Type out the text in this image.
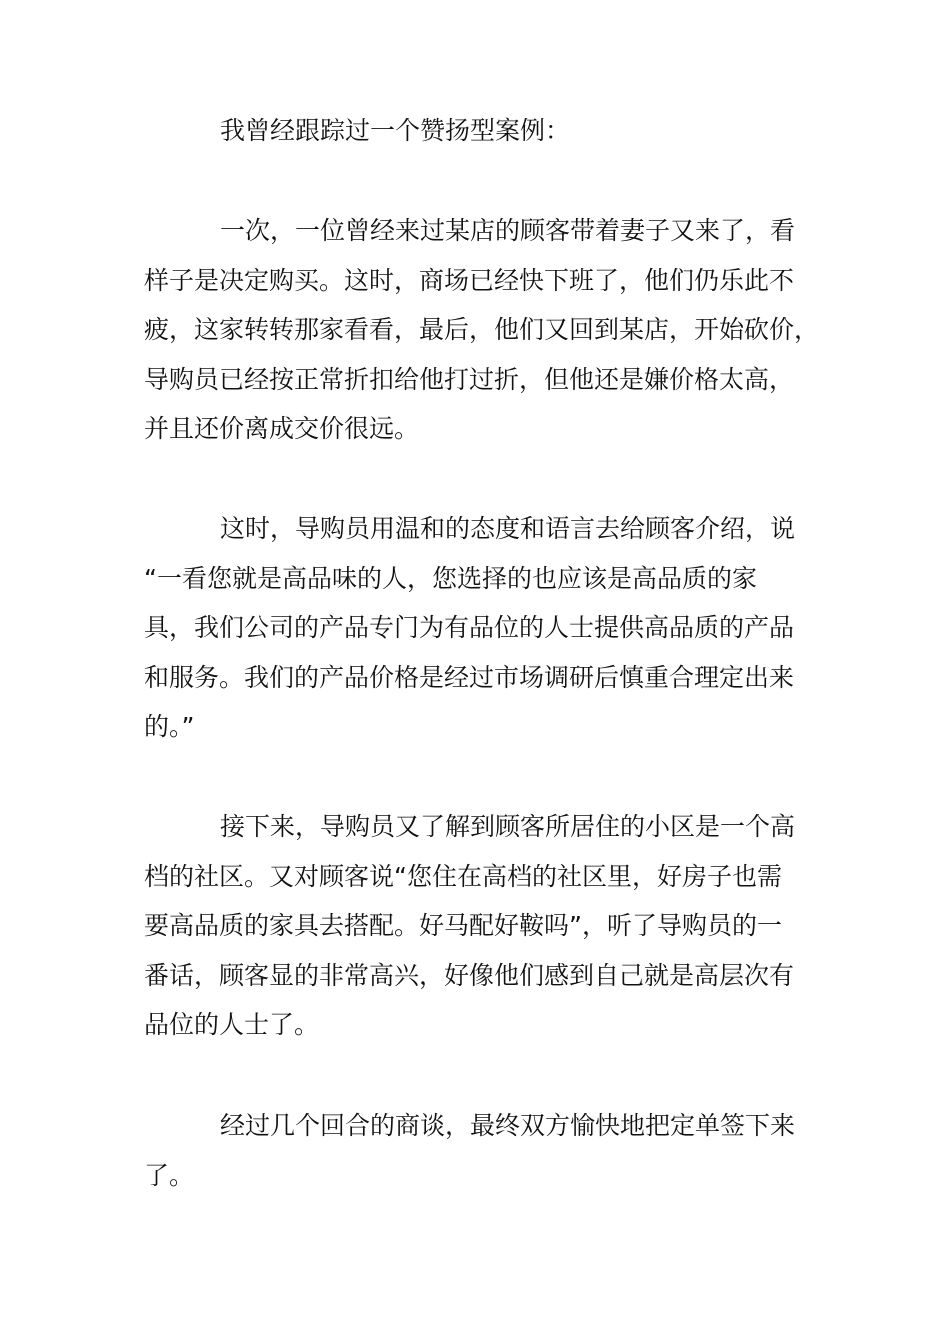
我曾经跟踪过一个赞扬型案例：
一次，一位曾经来过某店的顾客带着妻子又来了，看
样子是决定购买。这时，商场已经快下班了，他们仍乐此不
疲，这家转转那家看看，最后，他们又回到某店，开始砍价，
导购员已经按正常折扣给他打过折，但他还是嫌价格太高，
并且还价离成交价很远。
这时，导购员用温和的态度和语言去给顾客介绍，说
“一看您就是高品味的人，您选择的也应该是高品质的家
具，我们公司的产品专门为有品位的人士提供高品质的产品
和服务。我们的产品价格是经过市场调研后慎重合理定出来
的。”
接下来，导购员又了解到顾客所居住的小区是一个高
档的社区。又对顾客说“您住在高档的社区里，好房子也需
要高品质的家具去搭配。好马配好鞍吗”，听了导购员的一
番话，顾客显的非常高兴，好像他们感到自己就是高层次有
品位的人士了。
经过几个回合的商谈，最终双方愉快地把定单签下来
了。
